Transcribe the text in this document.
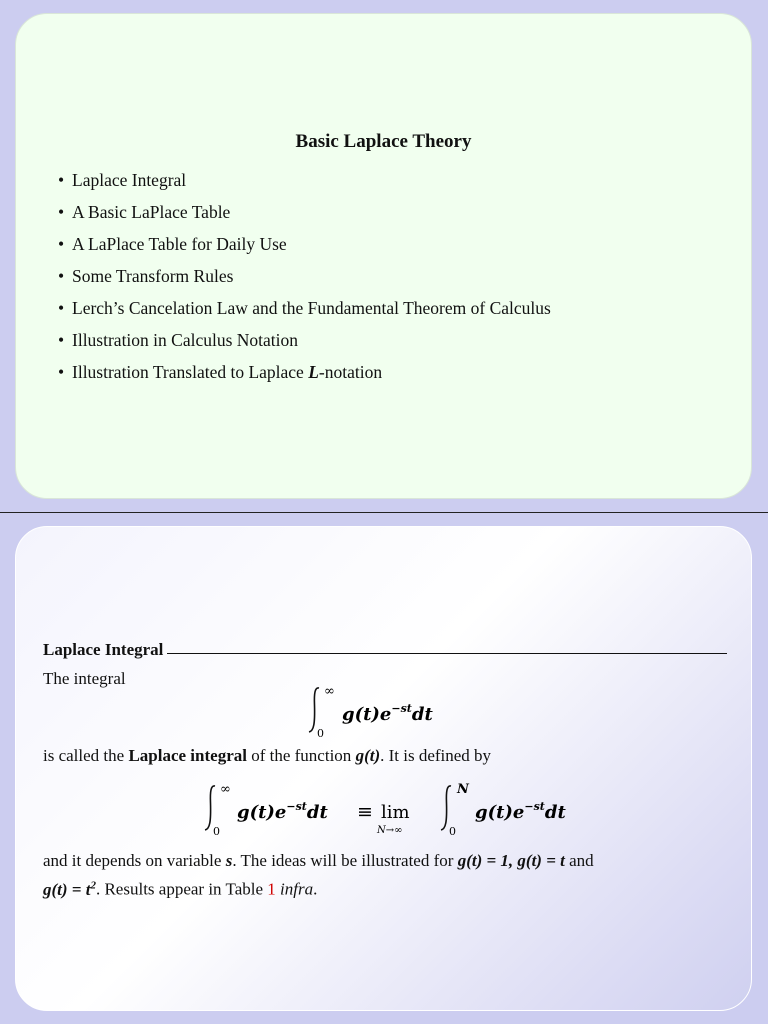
Basic Laplace Theory
• Laplace Integral
• A Basic LaPlace Table
• A LaPlace Table for Daily Use
• Some Transform Rules
• Lerch’s Cancelation Law and the Fundamental Theorem of Calculus
• Illustration in Calculus Notation
• Illustration Translated to Laplace L-notation
Laplace Integral
The integral
∞
0
$g(t)e^{-st}dt$
is called the Laplace integral of the function g(t). It is defined by
∞
0
$g(t)e^{-st}dt \equiv \lim$
N→∞
N
0
$g(t)e^{-st}dt$
and it depends on variable s. The ideas will be illustrated for g(t) = 1, g(t) = t and
$g(t) = t^2$. Results appear in Table 1 infra.
